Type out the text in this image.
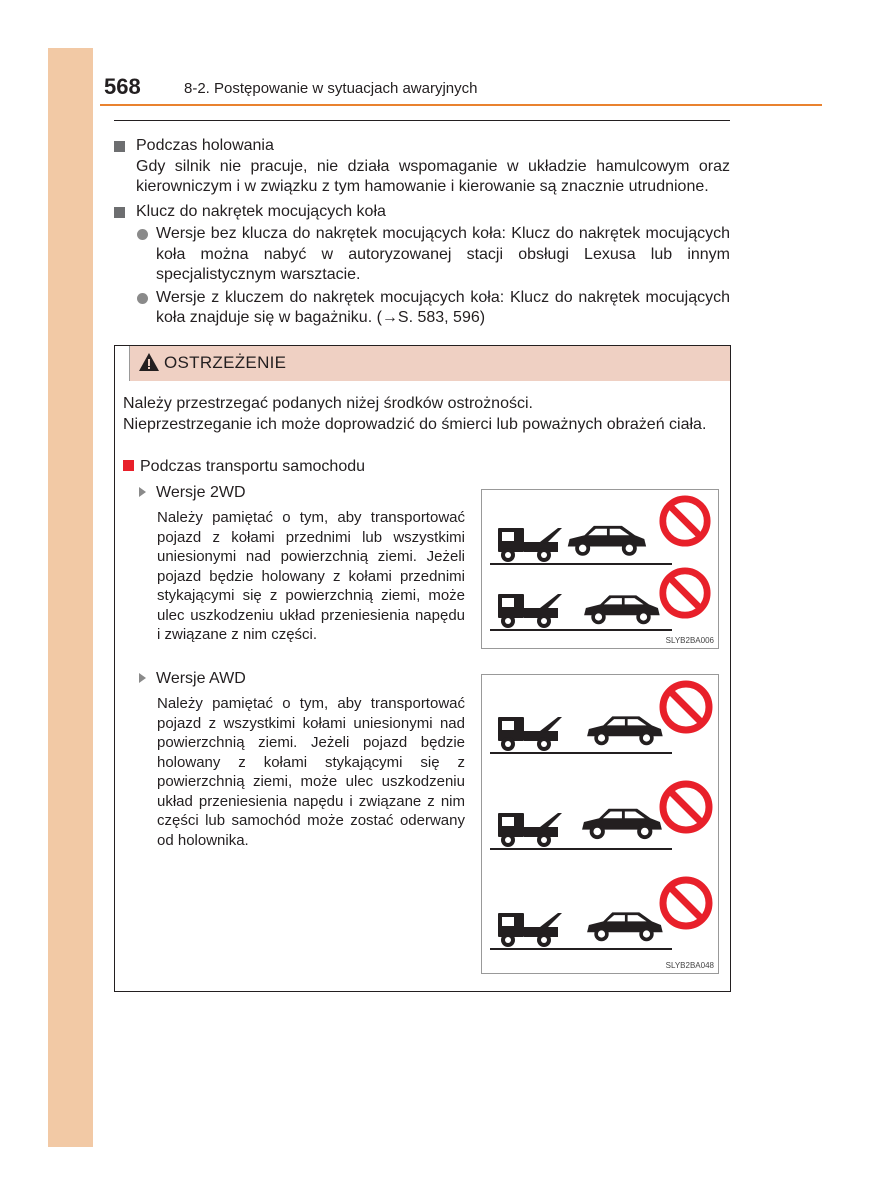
568	8-2. Postępowanie w sytuacjach awaryjnych
Podczas holowania
Gdy silnik nie pracuje, nie działa wspomaganie w układzie hamulcowym oraz kierowniczym i w związku z tym hamowanie i kierowanie są znacznie utrudnione.
Klucz do nakrętek mocujących koła
Wersje bez klucza do nakrętek mocujących koła: Klucz do nakrętek mocujących koła można nabyć w autoryzowanej stacji obsługi Lexusa lub innym specjalistycznym warsztacie.
Wersje z kluczem do nakrętek mocujących koła: Klucz do nakrętek mocujących koła znajduje się w bagażniku. (→S. 583, 596)
OSTRZEŻENIE
Należy przestrzegać podanych niżej środków ostrożności.
Nieprzestrzeganie ich może doprowadzić do śmierci lub poważnych obrażeń ciała.
Podczas transportu samochodu
Wersje 2WD
Należy pamiętać o tym, aby transportować pojazd z kołami przednimi lub wszystkimi uniesionymi nad powierzchnią ziemi. Jeżeli pojazd będzie holowany z kołami przednimi stykającymi się z powierzchnią ziemi, może ulec uszkodzeniu układ przeniesienia napędu i związane z nim części.	SLYB2BA006
Wersje AWD
Należy pamiętać o tym, aby transportować pojazd z wszystkimi kołami uniesionymi nad powierzchnią ziemi. Jeżeli pojazd będzie holowany z kołami stykającymi się z powierzchnią ziemi, może ulec uszkodzeniu układ przeniesienia napędu i związane z nim części lub samochód może zostać oderwany od holownika.
SLYB2BA048
